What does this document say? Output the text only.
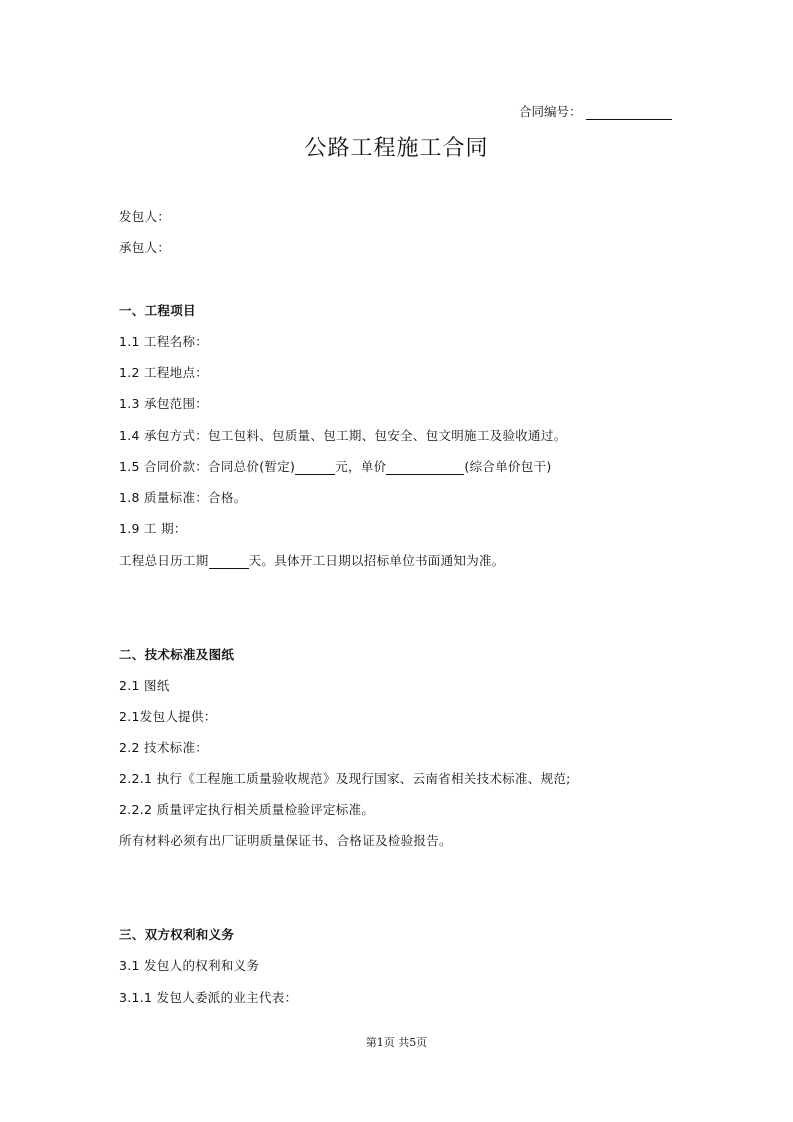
合同编号：
公路工程施工合同
发包人：
承包人：
一、工程项目
1.1 工程名称：
1.2 工程地点：
1.3 承包范围：
1.4 承包方式：包工包料、包质量、包工期、包安全、包文明施工及验收通过。
1.5 合同价款：合同总价(暂定)	元，单价	(综合单价包干)
1.8 质量标准：合格。
1.9 工 期：
工程总日历工期	天。具体开工日期以招标单位书面通知为准。
二、技术标准及图纸
2.1 图纸
2.1发包人提供：
2.2 技术标准：
2.2.1 执行《工程施工质量验收规范》及现行国家、云南省相关技术标准、规范;
2.2.2 质量评定执行相关质量检验评定标准。
所有材料必须有出厂证明质量保证书、合格证及检验报告。
三、双方权利和义务
3.1 发包人的权利和义务
3.1.1 发包人委派的业主代表：
第1页 共5页
